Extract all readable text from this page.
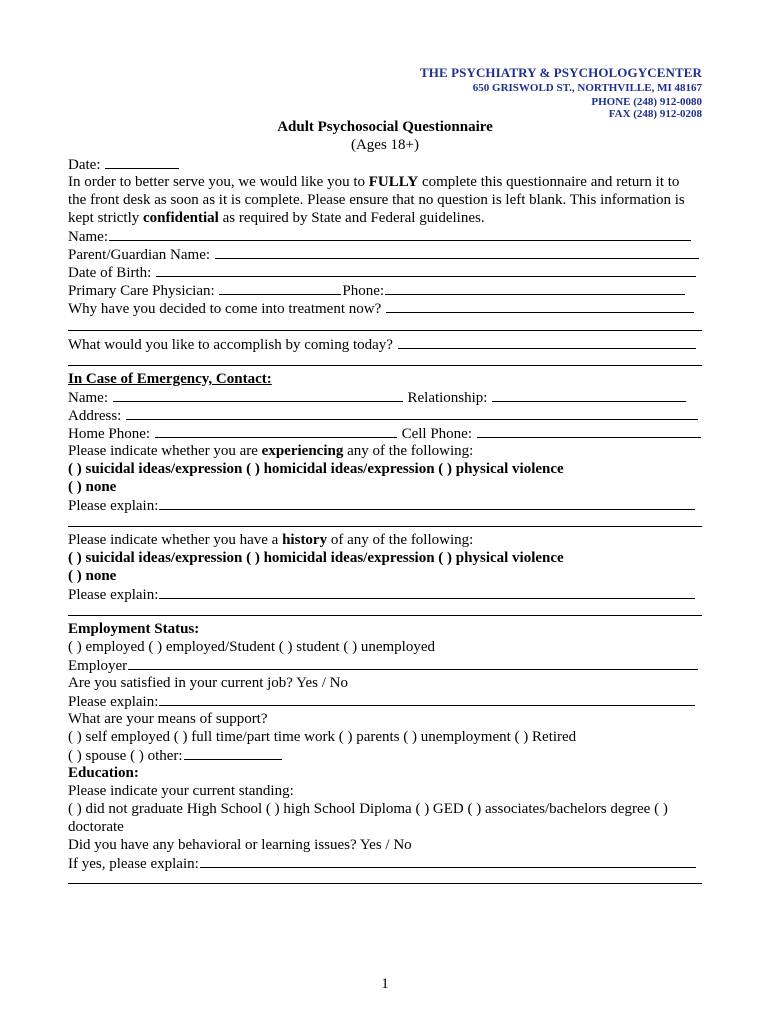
THE PSYCHIATRY & PSYCHOLOGYCENTER
650 GRISWOLD ST., NORTHVILLE, MI 48167
PHONE (248) 912-0080
FAX (248) 912-0208
Adult Psychosocial Questionnaire
(Ages 18+)
Date:
In order to better serve you, we would like you to FULLY complete this questionnaire and return it to
the front desk as soon as it is complete. Please ensure that no question is left blank. This information is
kept strictly confidential as required by State and Federal guidelines.
Name:
Parent/Guardian Name:
Date of Birth:
Primary Care Physician:	Phone:
Why have you decided to come into treatment now?
What would you like to accomplish by coming today?
In Case of Emergency, Contact:
Name:	Relationship:
Address:
Home Phone:	Cell Phone:
Please indicate whether you are experiencing any of the following:
( ) suicidal ideas/expression ( ) homicidal ideas/expression ( ) physical violence
( ) none
Please explain:
Please indicate whether you have a history of any of the following:
( ) suicidal ideas/expression ( ) homicidal ideas/expression ( ) physical violence
( ) none
Please explain:
Employment Status:
( ) employed ( ) employed/Student ( ) student ( ) unemployed
Employer
Are you satisfied in your current job? Yes / No
Please explain:
What are your means of support?
( ) self employed ( ) full time/part time work ( ) parents ( ) unemployment ( ) Retired
( ) spouse ( ) other:
Education:
Please indicate your current standing:
( ) did not graduate High School ( ) high School Diploma ( ) GED ( ) associates/bachelors degree ( )
doctorate
Did you have any behavioral or learning issues? Yes / No
If yes, please explain:
1
